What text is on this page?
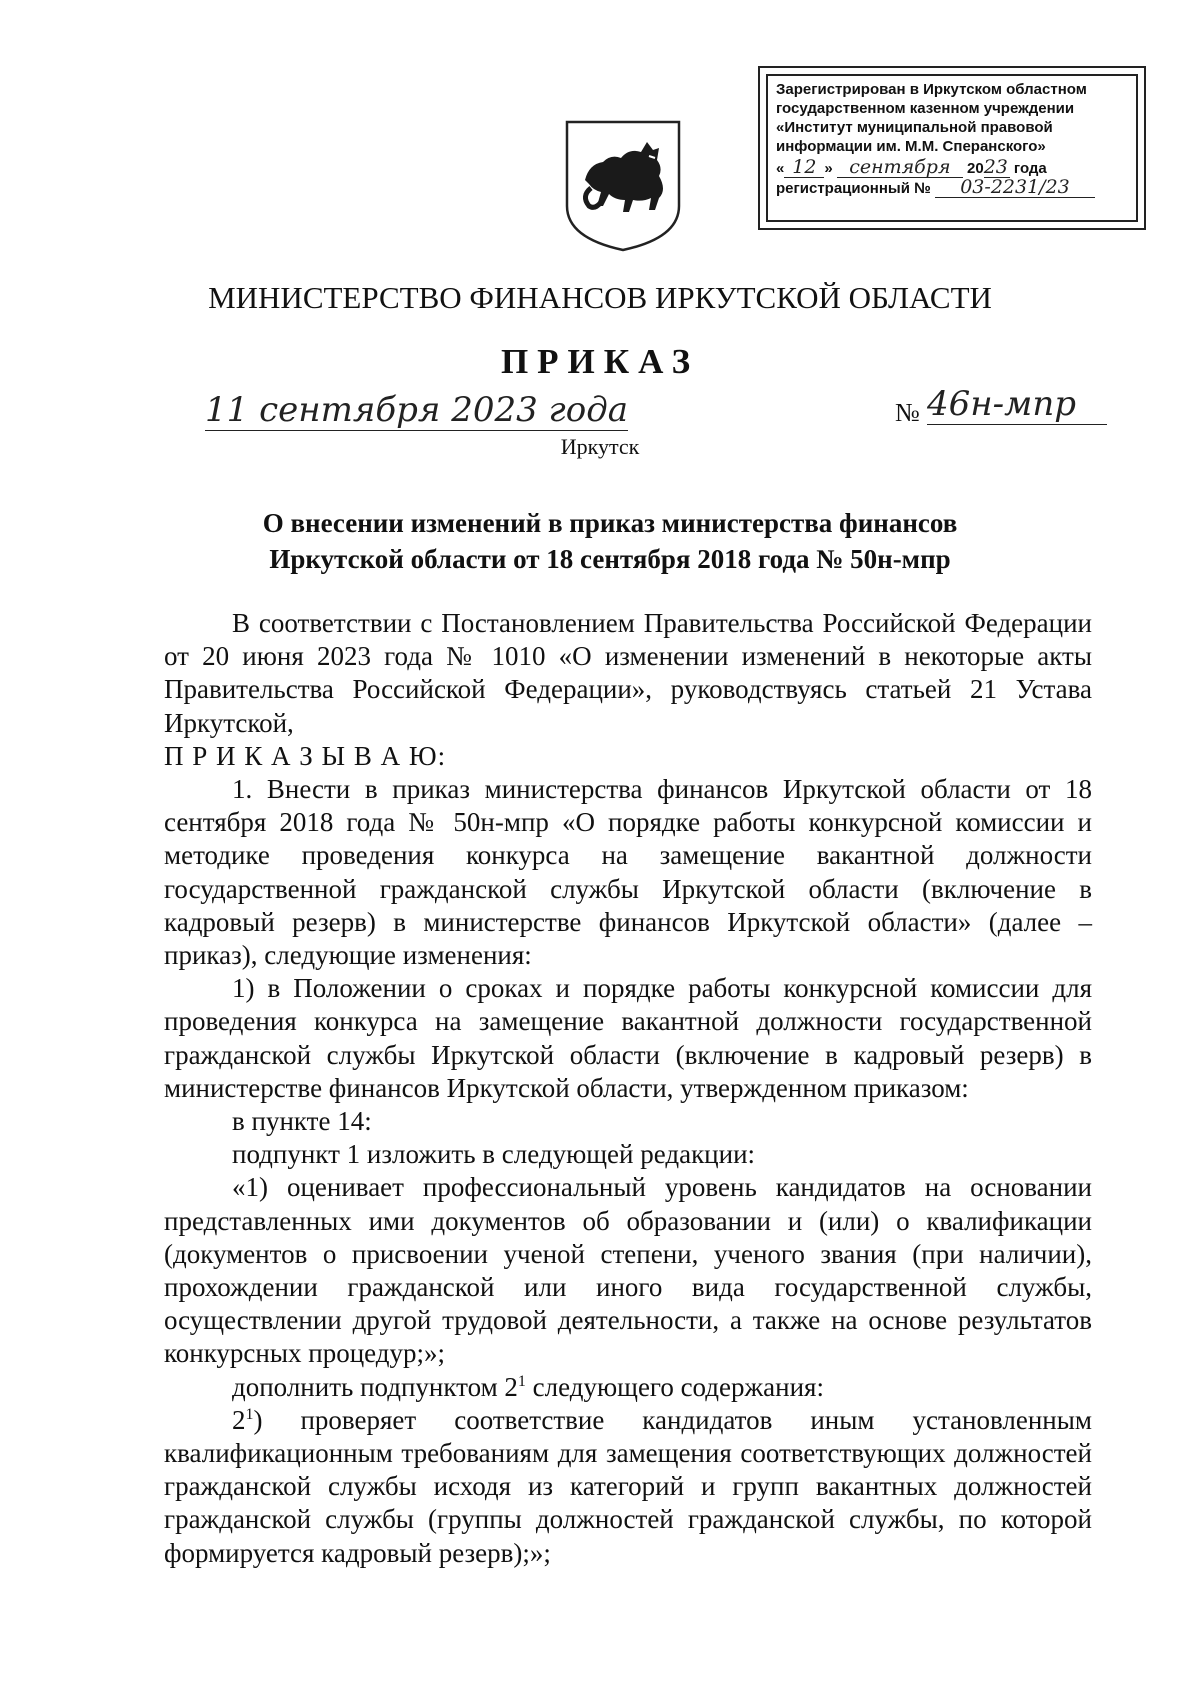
Зарегистрирован в Иркутском областном
государственном казенном учреждении
«Институт муниципальной правовой
информации им. М.М. Сперанского»
« 12 » сентября 2023 года
регистрационный № 03-2231/23
МИНИСТЕРСТВО ФИНАНСОВ ИРКУТСКОЙ ОБЛАСТИ
ПРИКАЗ
11 сентября 2023 года	№ 46н-мпр
Иркутск
О внесении изменений в приказ министерства финансов
Иркутской области от 18 сентября 2018 года № 50н-мпр

В соответствии с Постановлением Правительства Российской Федерации от 20 июня 2023 года № 1010 «О изменении изменений в некоторые акты Правительства Российской Федерации», руководствуясь статьей 21 Устава Иркутской,

П Р И К А З Ы В А Ю:

1. Внести в приказ министерства финансов Иркутской области от 18 сентября 2018 года № 50н-мпр «О порядке работы конкурсной комиссии и методике проведения конкурса на замещение вакантной должности государственной гражданской службы Иркутской области (включение в кадровый резерв) в министерстве финансов Иркутской области» (далее – приказ), следующие изменения:

1) в Положении о сроках и порядке работы конкурсной комиссии для проведения конкурса на замещение вакантной должности государственной гражданской службы Иркутской области (включение в кадровый резерв) в министерстве финансов Иркутской области, утвержденном приказом:

в пункте 14:

подпункт 1 изложить в следующей редакции:

«1) оценивает профессиональный уровень кандидатов на основании представленных ими документов об образовании и (или) о квалификации (документов о присвоении ученой степени, ученого звания (при наличии), прохождении гражданской или иного вида государственной службы, осуществлении другой трудовой деятельности, а также на основе результатов конкурсных процедур;»;

дополнить подпунктом $2^1$ следующего содержания:

$2^1$) проверяет соответствие кандидатов иным установленным квалификационным требованиям для замещения соответствующих должностей гражданской службы исходя из категорий и групп вакантных должностей гражданской службы (группы должностей гражданской службы, по которой формируется кадровый резерв);»;
